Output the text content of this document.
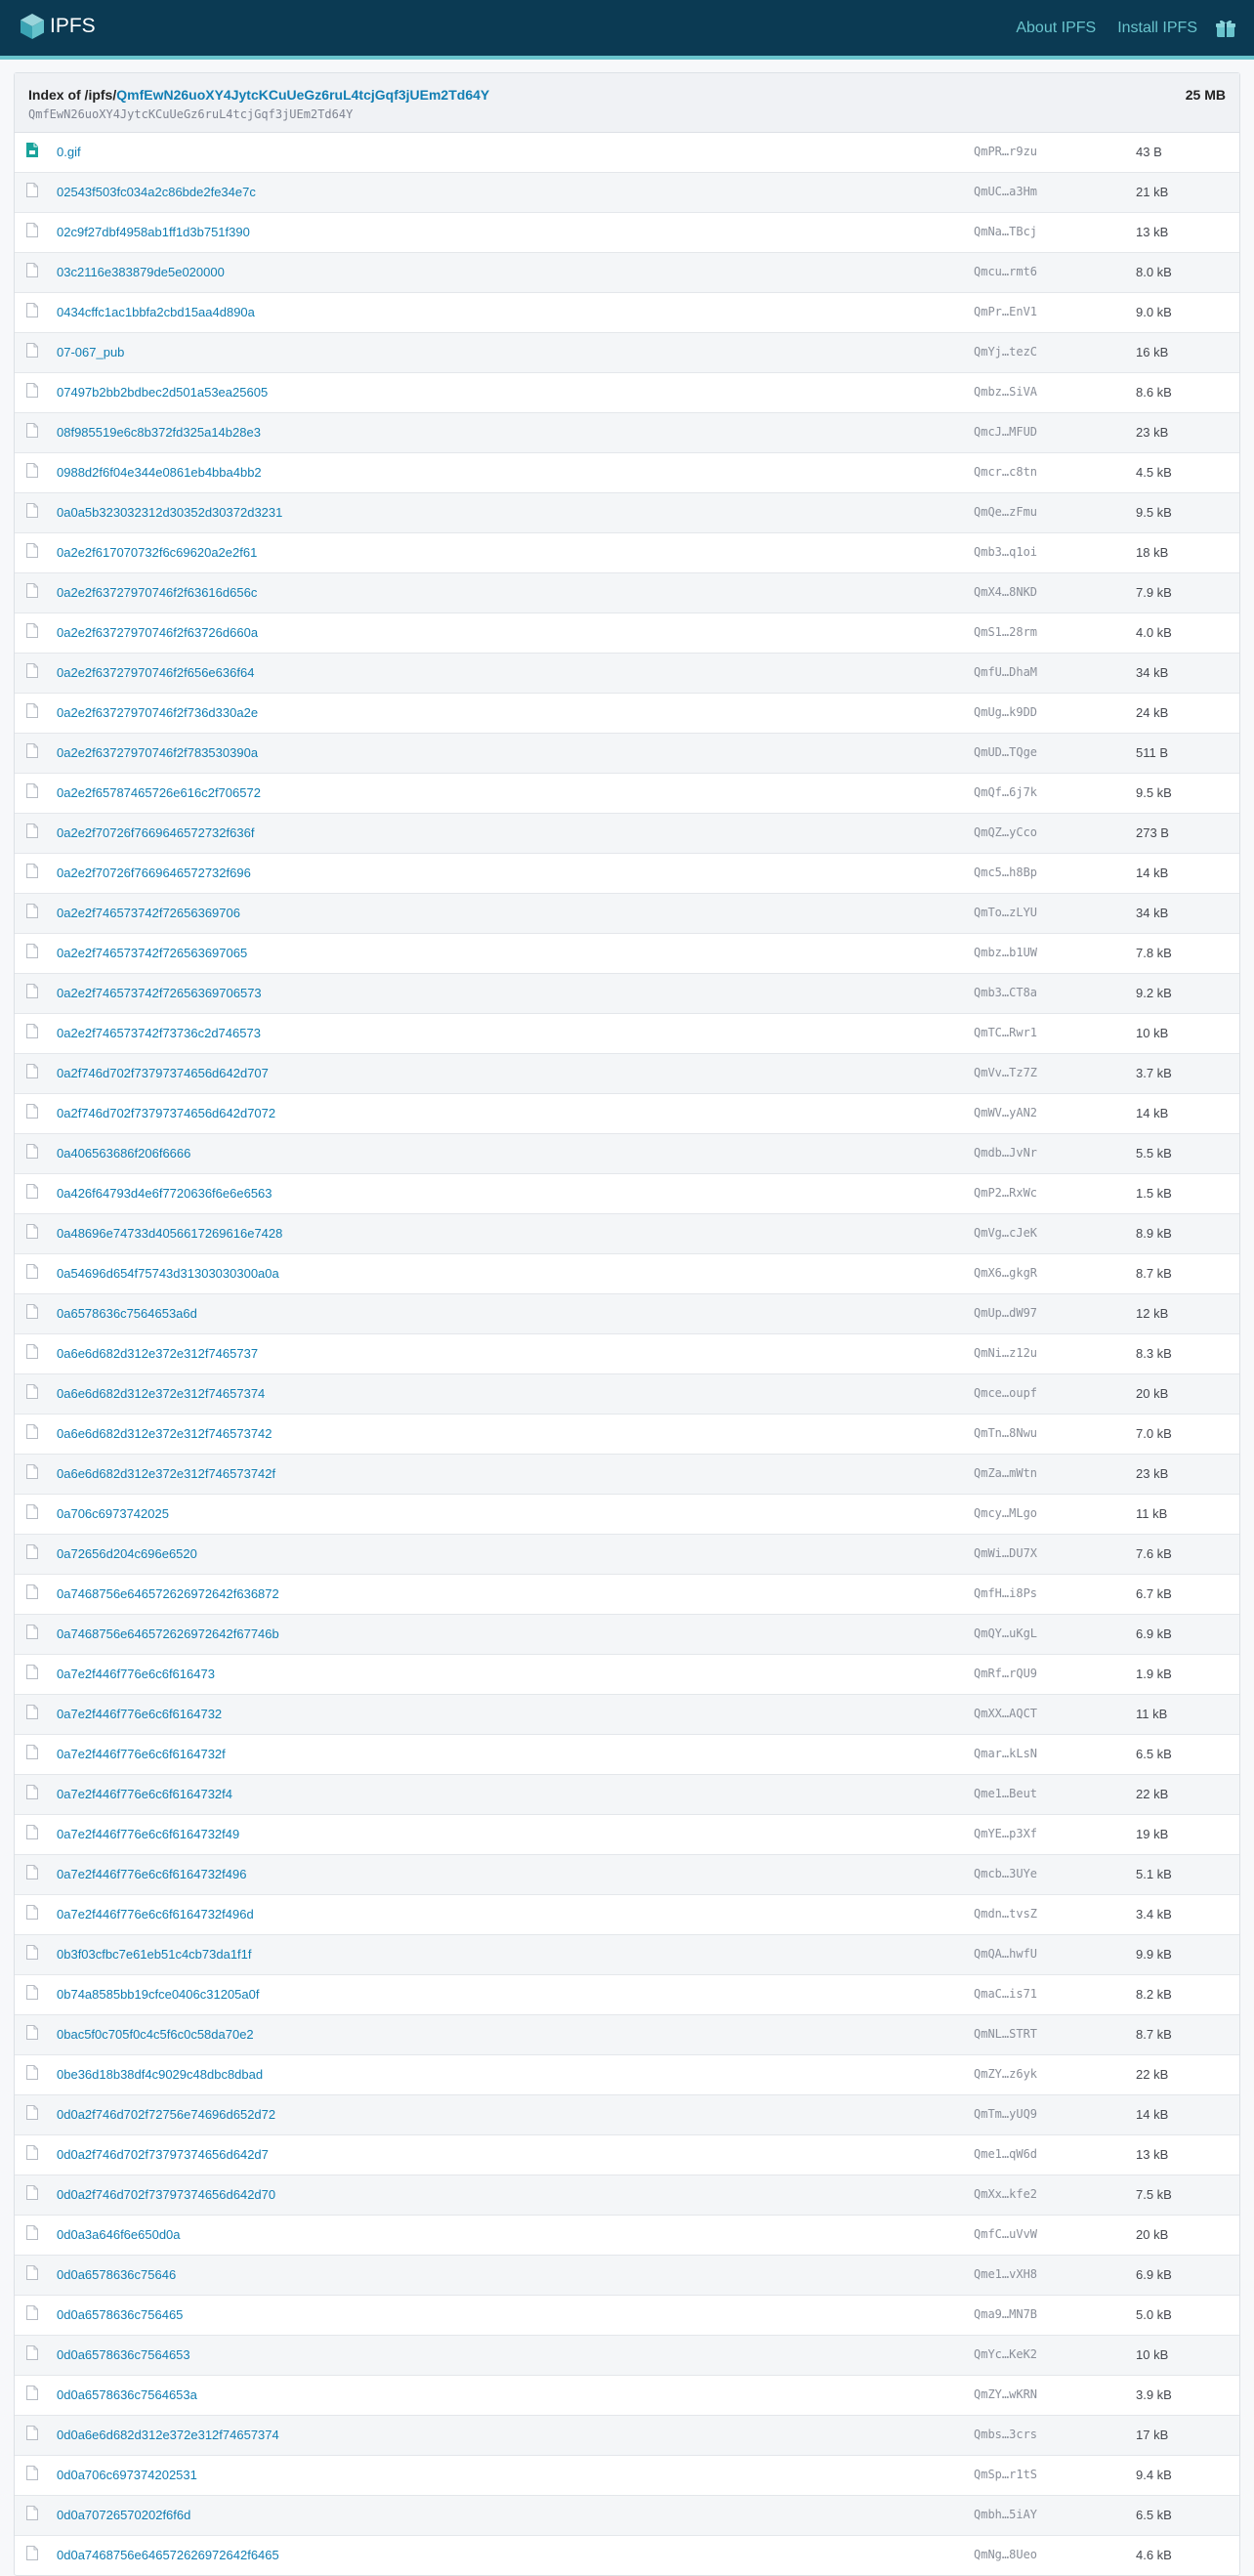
IPFS	About IPFS Install IPFS
Index of /ipfs/QmfEwN26uoXY4JytcKCuUeGz6ruL4tcjGqf3jUEm2Td64Y
QmfEwN26uoXY4JytcKCuUeGz6ruL4tcjGqf3jUEm2Td64Y
25 MB
0.gif	QmPR…r9zu	43 B
02543f503fc034a2c86bde2fe34e7c	QmUC…a3Hm	21 kB
02c9f27dbf4958ab1ff1d3b751f390	QmNa…TBcj	13 kB
03c2116e383879de5e020000	Qmcu…rmt6	8.0 kB
0434cffc1ac1bbfa2cbd15aa4d890a	QmPr…EnV1	9.0 kB
07-067_pub	QmYj…tezC	16 kB
07497b2bb2bdbec2d501a53ea25605	Qmbz…SiVA	8.6 kB
08f985519e6c8b372fd325a14b28e3	QmcJ…MFUD	23 kB
0988d2f6f04e344e0861eb4bba4bb2	Qmcr…c8tn	4.5 kB
0a0a5b323032312d30352d30372d3231	QmQe…zFmu	9.5 kB
0a2e2f617070732f6c69620a2e2f61	Qmb3…q1oi	18 kB
0a2e2f63727970746f2f63616d656c	QmX4…8NKD	7.9 kB
0a2e2f63727970746f2f63726d660a	QmS1…28rm	4.0 kB
0a2e2f63727970746f2f656e636f64	QmfU…DhaM	34 kB
0a2e2f63727970746f2f736d330a2e	QmUg…k9DD	24 kB
0a2e2f63727970746f2f783530390a	QmUD…TQge	511 B
0a2e2f65787465726e616c2f706572	QmQf…6j7k	9.5 kB
0a2e2f70726f7669646572732f636f	QmQZ…yCco	273 B
0a2e2f70726f7669646572732f696	Qmc5…h8Bp	14 kB
0a2e2f746573742f72656369706	QmTo…zLYU	34 kB
0a2e2f746573742f726563697065	Qmbz…b1UW	7.8 kB
0a2e2f746573742f72656369706573	Qmb3…CT8a	9.2 kB
0a2e2f746573742f73736c2d746573	QmTC…Rwr1	10 kB
0a2f746d702f73797374656d642d707	QmVv…Tz7Z	3.7 kB
0a2f746d702f73797374656d642d7072	QmWV…yAN2	14 kB
0a406563686f206f6666	Qmdb…JvNr	5.5 kB
0a426f64793d4e6f7720636f6e6e6563	QmP2…RxWc	1.5 kB
0a48696e74733d4056617269616e7428	QmVg…cJeK	8.9 kB
0a54696d654f75743d31303030300a0a	QmX6…gkgR	8.7 kB
0a6578636c7564653a6d	QmUp…dW97	12 kB
0a6e6d682d312e372e312f7465737	QmNi…z12u	8.3 kB
0a6e6d682d312e372e312f74657374	Qmce…oupf	20 kB
0a6e6d682d312e372e312f746573742	QmTn…8Nwu	7.0 kB
0a6e6d682d312e372e312f746573742f	QmZa…mWtn	23 kB
0a706c6973742025	Qmcy…MLgo	11 kB
0a72656d204c696e6520	QmWi…DU7X	7.6 kB
0a7468756e646572626972642f636872	QmfH…i8Ps	6.7 kB
0a7468756e646572626972642f67746b	QmQY…uKgL	6.9 kB
0a7e2f446f776e6c6f616473	QmRf…rQU9	1.9 kB
0a7e2f446f776e6c6f6164732	QmXX…AQCT	11 kB
0a7e2f446f776e6c6f6164732f	Qmar…kLsN	6.5 kB
0a7e2f446f776e6c6f6164732f4	Qme1…Beut	22 kB
0a7e2f446f776e6c6f6164732f49	QmYE…p3Xf	19 kB
0a7e2f446f776e6c6f6164732f496	Qmcb…3UYe	5.1 kB
0a7e2f446f776e6c6f6164732f496d	Qmdn…tvsZ	3.4 kB
0b3f03cfbc7e61eb51c4cb73da1f1f	QmQA…hwfU	9.9 kB
0b74a8585bb19cfce0406c31205a0f	QmaC…is71	8.2 kB
0bac5f0c705f0c4c5f6c0c58da70e2	QmNL…STRT	8.7 kB
0be36d18b38df4c9029c48dbc8dbad	QmZY…z6yk	22 kB
0d0a2f746d702f72756e74696d652d72	QmTm…yUQ9	14 kB
0d0a2f746d702f73797374656d642d7	Qme1…qW6d	13 kB
0d0a2f746d702f73797374656d642d70	QmXx…kfe2	7.5 kB
0d0a3a646f6e650d0a	QmfC…uVvW	20 kB
0d0a6578636c75646	Qme1…vXH8	6.9 kB
0d0a6578636c756465	Qma9…MN7B	5.0 kB
0d0a6578636c7564653	QmYc…KeK2	10 kB
0d0a6578636c7564653a	QmZY…wKRN	3.9 kB
0d0a6e6d682d312e372e312f74657374	Qmbs…3crs	17 kB
0d0a706c697374202531	QmSp…r1tS	9.4 kB
0d0a70726570202f6f6d	Qmbh…5iAY	6.5 kB
0d0a7468756e646572626972642f6465	QmNg…8Ueo	4.6 kB
